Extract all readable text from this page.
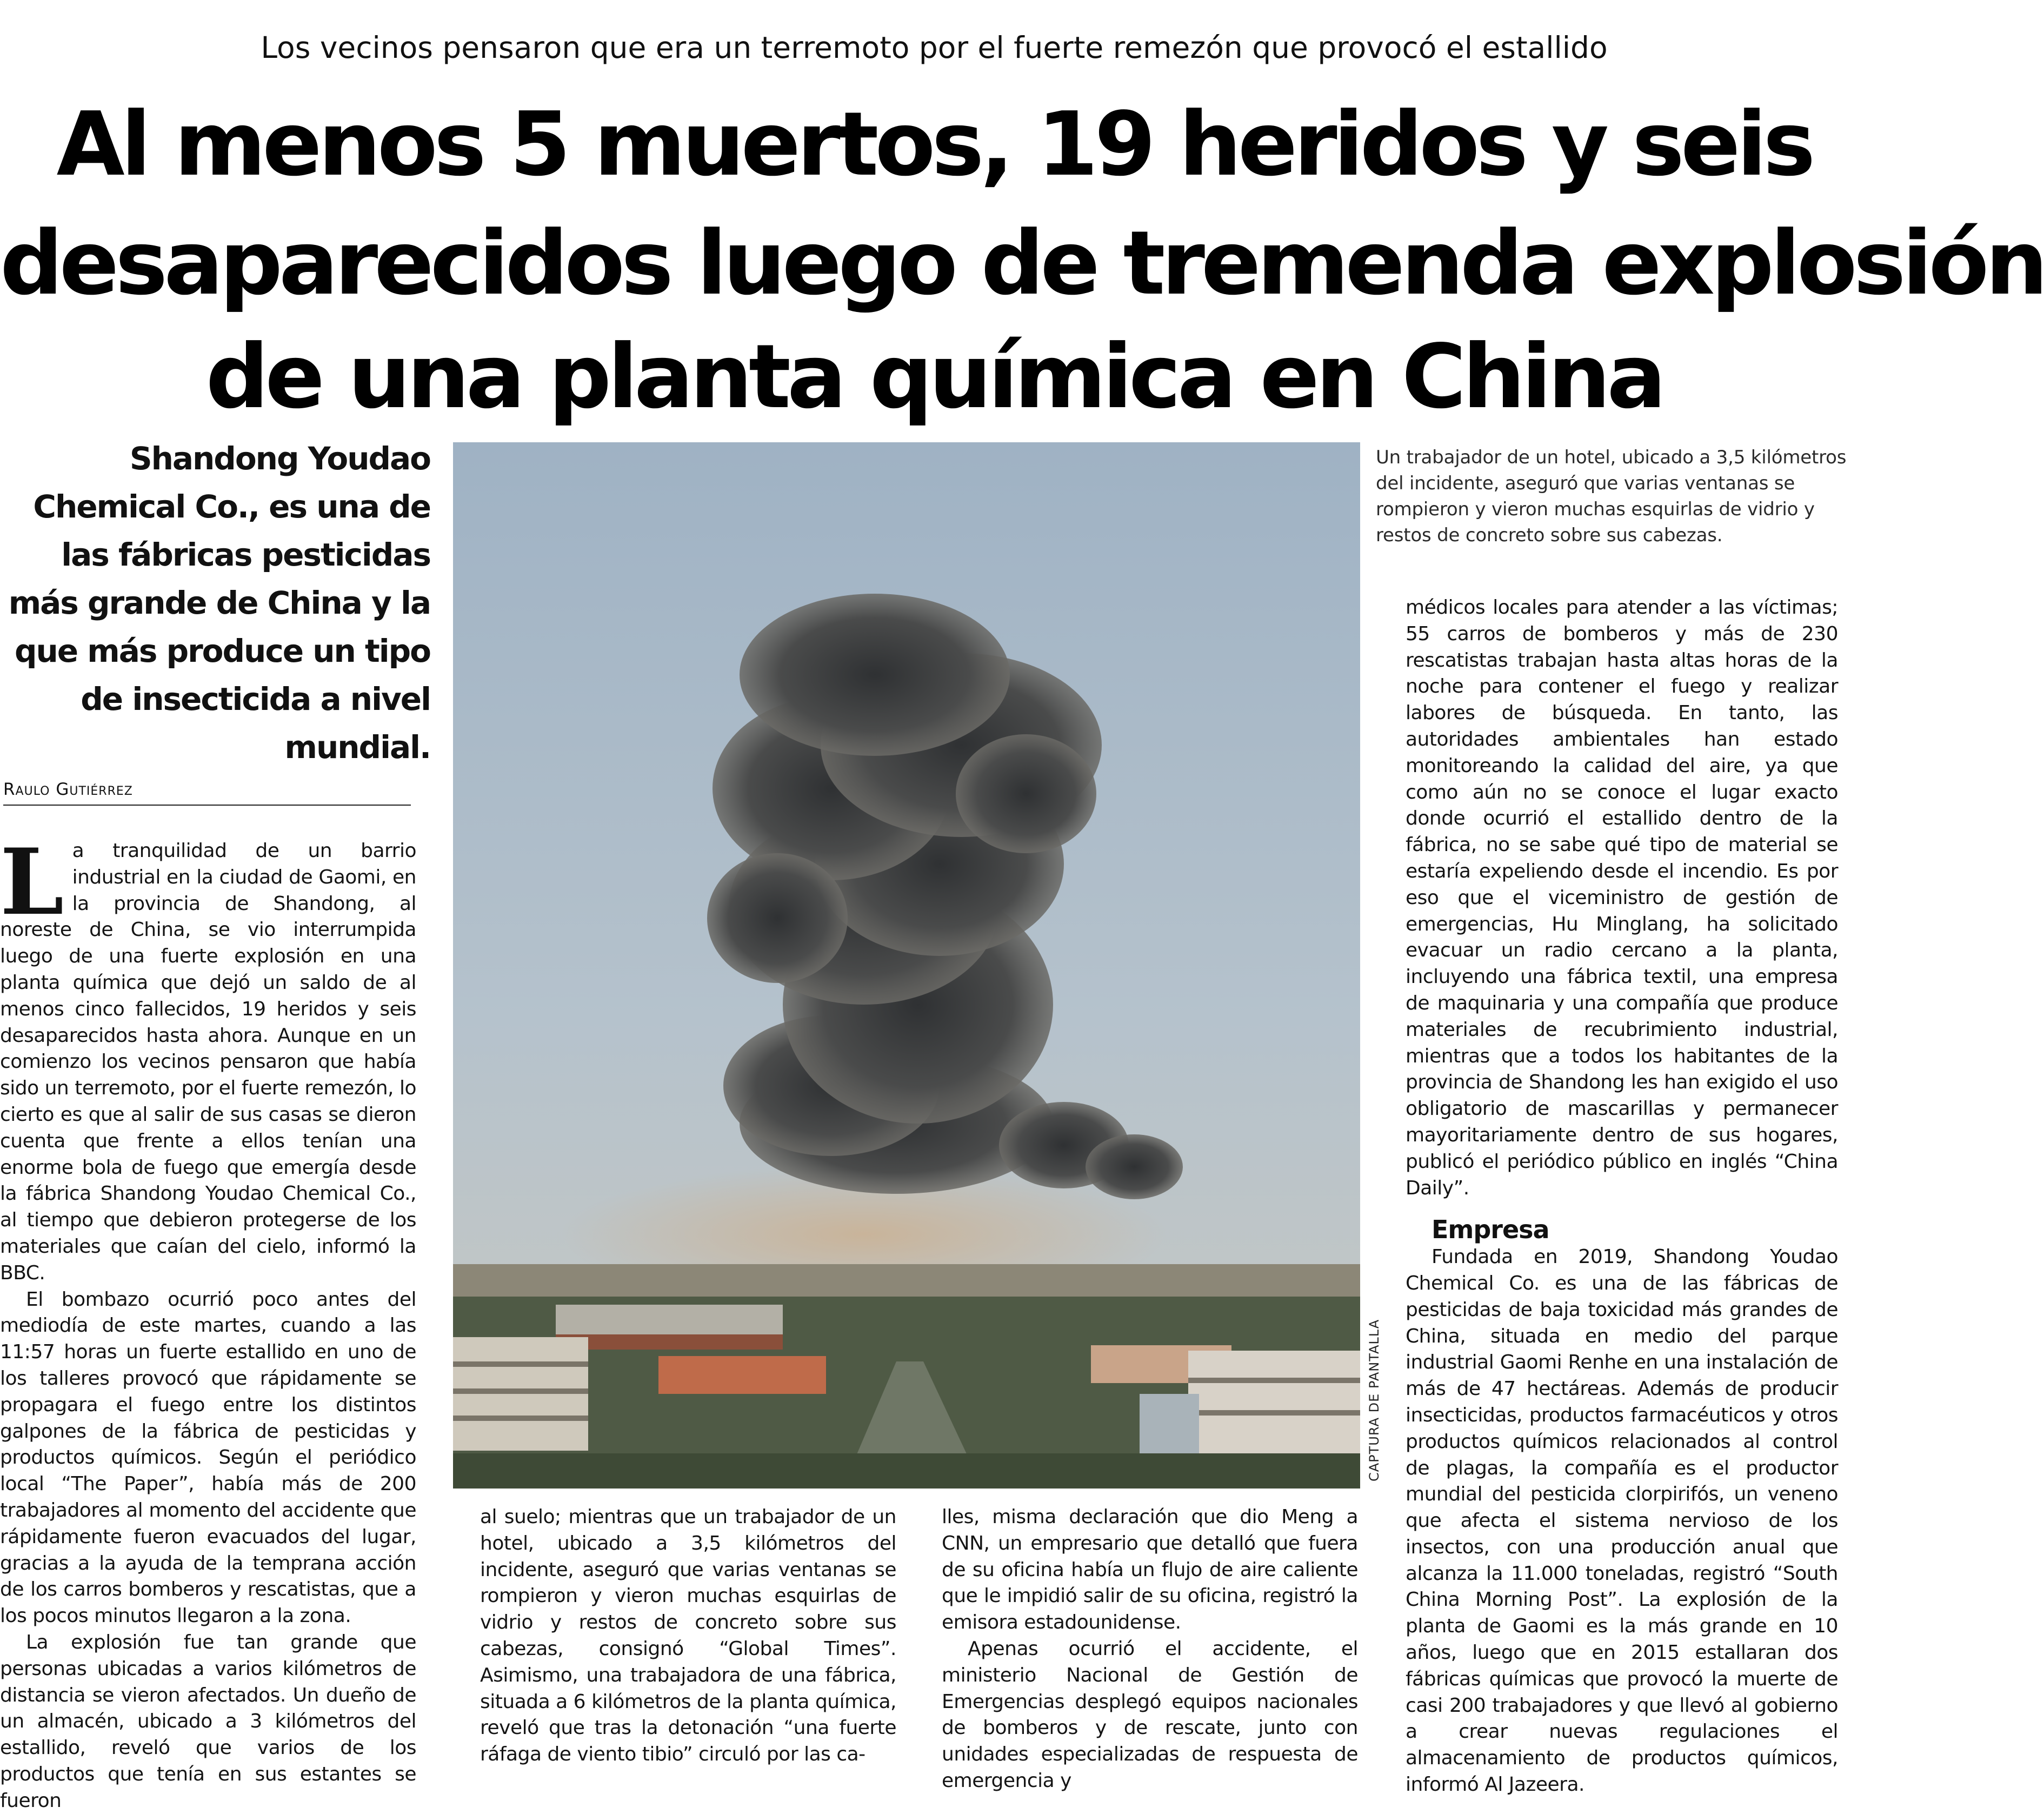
Los vecinos pensaron que era un terremoto por el fuerte remezón que provocó el estallido
Al menos 5 muertos, 19 heridos y seis
desaparecidos luego de tremenda explosión
de una planta química en China
Shandong Youdao Chemical Co., es una de las fábricas pesticidas más grande de China y la que más produce un tipo de insecticida a nivel mundial.
Raulo Gutiérrez

La tranquilidad de un barrio industrial en la ciudad de Gaomi, en la provincia de Shandong, al noreste de China, se vio interrumpida luego de una fuerte explosión en una planta química que dejó un saldo de al menos cinco fallecidos, 19 heridos y seis desaparecidos hasta ahora. Aunque en un comienzo los vecinos pensaron que había sido un terremoto, por el fuerte remezón, lo cierto es que al salir de sus casas se dieron cuenta que frente a ellos tenían una enorme bola de fuego que emergía desde la fábrica Shandong Youdao Chemical Co., al tiempo que debieron protegerse de los materiales que caían del cielo, informó la BBC.

El bombazo ocurrió poco antes del mediodía de este martes, cuando a las 11:57 horas un fuerte estallido en uno de los talleres provocó que rápidamente se propagara el fuego entre los distintos galpones de la fábrica de pesticidas y productos químicos. Según el periódico local “The Paper”, había más de 200 trabajadores al momento del accidente que rápidamente fueron evacuados del lugar, gracias a la ayuda de la temprana acción de los carros bomberos y rescatistas, que a los pocos minutos llegaron a la zona.

La explosión fue tan grande que personas ubicadas a varios kilómetros de distancia se vieron afectados. Un dueño de un almacén, ubicado a 3 kilómetros del estallido, reveló que varios de los productos que tenía en sus estantes se fueron

CAPTURA DE PANTALLA
Un trabajador de un hotel, ubicado a 3,5 kilómetros del incidente, aseguró que varias ventanas se rompieron y vieron muchas esquirlas de vidrio y restos de concreto sobre sus cabezas.

al suelo; mientras que un trabajador de un hotel, ubicado a 3,5 kilómetros del incidente, aseguró que varias ventanas se rompieron y vieron muchas esquirlas de vidrio y restos de concreto sobre sus cabezas, consignó “Global Times”. Asimismo, una trabajadora de una fábrica, situada a 6 kilómetros de la planta química, reveló que tras la detonación “una fuerte ráfaga de viento tibio” circuló por las ca-

lles, misma declaración que dio Meng a CNN, un empresario que detalló que fuera de su oficina había un flujo de aire caliente que le impidió salir de su oficina, registró la emisora estadounidense.

Apenas ocurrió el accidente, el ministerio Nacional de Gestión de Emergencias desplegó equipos nacionales de bomberos y de rescate, junto con unidades especializadas de respuesta de emergencia y

médicos locales para atender a las víctimas; 55 carros de bomberos y más de 230 rescatistas trabajan hasta altas horas de la noche para contener el fuego y realizar labores de búsqueda. En tanto, las autoridades ambientales han estado monitoreando la calidad del aire, ya que como aún no se conoce el lugar exacto donde ocurrió el estallido dentro de la fábrica, no se sabe qué tipo de material se estaría expeliendo desde el incendio. Es por eso que el viceministro de gestión de emergencias, Hu Minglang, ha solicitado evacuar un radio cercano a la planta, incluyendo una fábrica textil, una empresa de maquinaria y una compañía que produce materiales de recubrimiento industrial, mientras que a todos los habitantes de la provincia de Shandong les han exigido el uso obligatorio de mascarillas y permanecer mayoritariamente dentro de sus hogares, publicó el periódico público en inglés “China Daily”.

Empresa

Fundada en 2019, Shandong Youdao Chemical Co. es una de las fábricas de pesticidas de baja toxicidad más grandes de China, situada en medio del parque industrial Gaomi Renhe en una instalación de más de 47 hectáreas. Además de producir insecticidas, productos farmacéuticos y otros productos químicos relacionados al control de plagas, la compañía es el productor mundial del pesticida clorpirifós, un veneno que afecta el sistema nervioso de los insectos, con una producción anual que alcanza la 11.000 toneladas, registró “South China Morning Post”. La explosión de la planta de Gaomi es la más grande en 10 años, luego que en 2015 estallaran dos fábricas químicas que provocó la muerte de casi 200 trabajadores y que llevó al gobierno a crear nuevas regulaciones el almacenamiento de productos químicos, informó Al Jazeera.
